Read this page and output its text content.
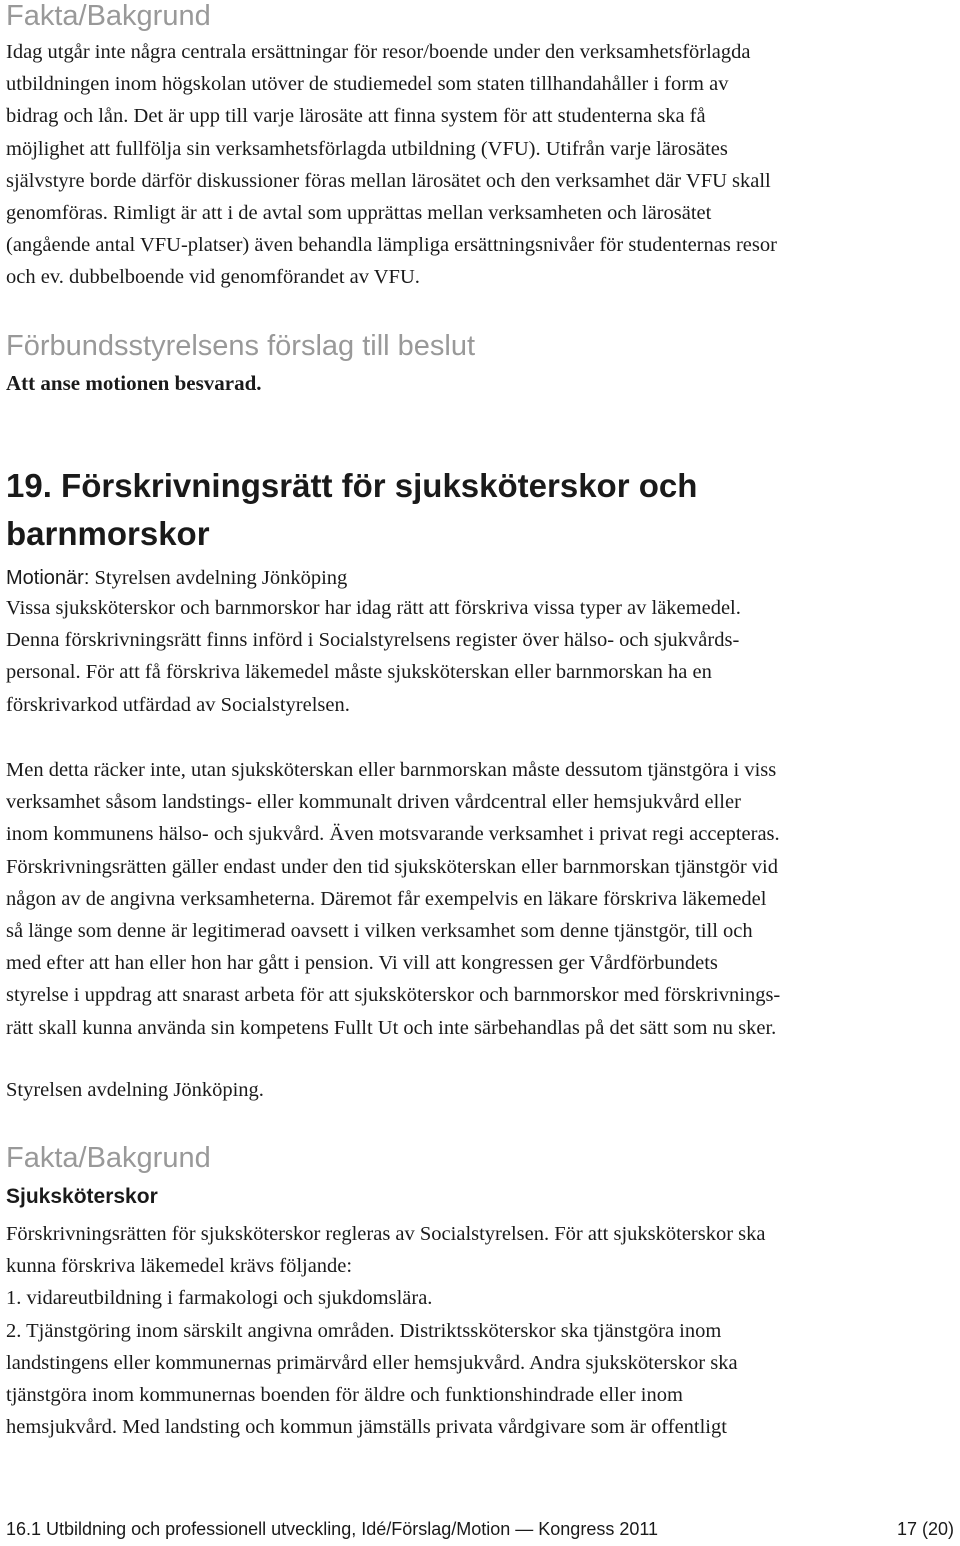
Fakta/Bakgrund
Idag utgår inte några centrala ersättningar för resor/boende under den verksamhetsförlagda
utbildningen inom högskolan utöver de studiemedel som staten tillhandahåller i form av
bidrag och lån. Det är upp till varje lärosäte att finna system för att studenterna ska få
möjlighet att fullfölja sin verksamhetsförlagda utbildning (VFU). Utifrån varje lärosätes
självstyre borde därför diskussioner föras mellan lärosätet och den verksamhet där VFU skall
genomföras. Rimligt är att i de avtal som upprättas mellan verksamheten och lärosätet
(angående antal VFU-platser) även behandla lämpliga ersättningsnivåer för studenternas resor
och ev. dubbelboende vid genomförandet av VFU.
Förbundsstyrelsens förslag till beslut
Att anse motionen besvarad.
19. Förskrivningsrätt för sjuksköterskor och
barnmorskor
Motionär: Styrelsen avdelning Jönköping
Vissa sjuksköterskor och barnmorskor har idag rätt att förskriva vissa typer av läkemedel.
Denna förskrivningsrätt finns införd i Socialstyrelsens register över hälso- och sjukvårds-
personal. För att få förskriva läkemedel måste sjuksköterskan eller barnmorskan ha en
förskrivarkod utfärdad av Socialstyrelsen.
Men detta räcker inte, utan sjuksköterskan eller barnmorskan måste dessutom tjänstgöra i viss
verksamhet såsom landstings- eller kommunalt driven vårdcentral eller hemsjukvård eller
inom kommunens hälso- och sjukvård. Även motsvarande verksamhet i privat regi accepteras.
Förskrivningsrätten gäller endast under den tid sjuksköterskan eller barnmorskan tjänstgör vid
någon av de angivna verksamheterna. Däremot får exempelvis en läkare förskriva läkemedel
så länge som denne är legitimerad oavsett i vilken verksamhet som denne tjänstgör, till och
med efter att han eller hon har gått i pension. Vi vill att kongressen ger Vårdförbundets
styrelse i uppdrag att snarast arbeta för att sjuksköterskor och barnmorskor med förskrivnings-
rätt skall kunna använda sin kompetens Fullt Ut och inte särbehandlas på det sätt som nu sker.
Styrelsen avdelning Jönköping.
Fakta/Bakgrund
Sjuksköterskor
Förskrivningsrätten för sjuksköterskor regleras av Socialstyrelsen. För att sjuksköterskor ska
kunna förskriva läkemedel krävs följande:
1. vidareutbildning i farmakologi och sjukdomslära.
2. Tjänstgöring inom särskilt angivna områden. Distriktssköterskor ska tjänstgöra inom
landstingens eller kommunernas primärvård eller hemsjukvård. Andra sjuksköterskor ska
tjänstgöra inom kommunernas boenden för äldre och funktionshindrade eller inom
hemsjukvård. Med landsting och kommun jämställs privata vårdgivare som är offentligt
16.1 Utbildning och professionell utveckling, Idé/Förslag/Motion — Kongress 2011	17 (20)
